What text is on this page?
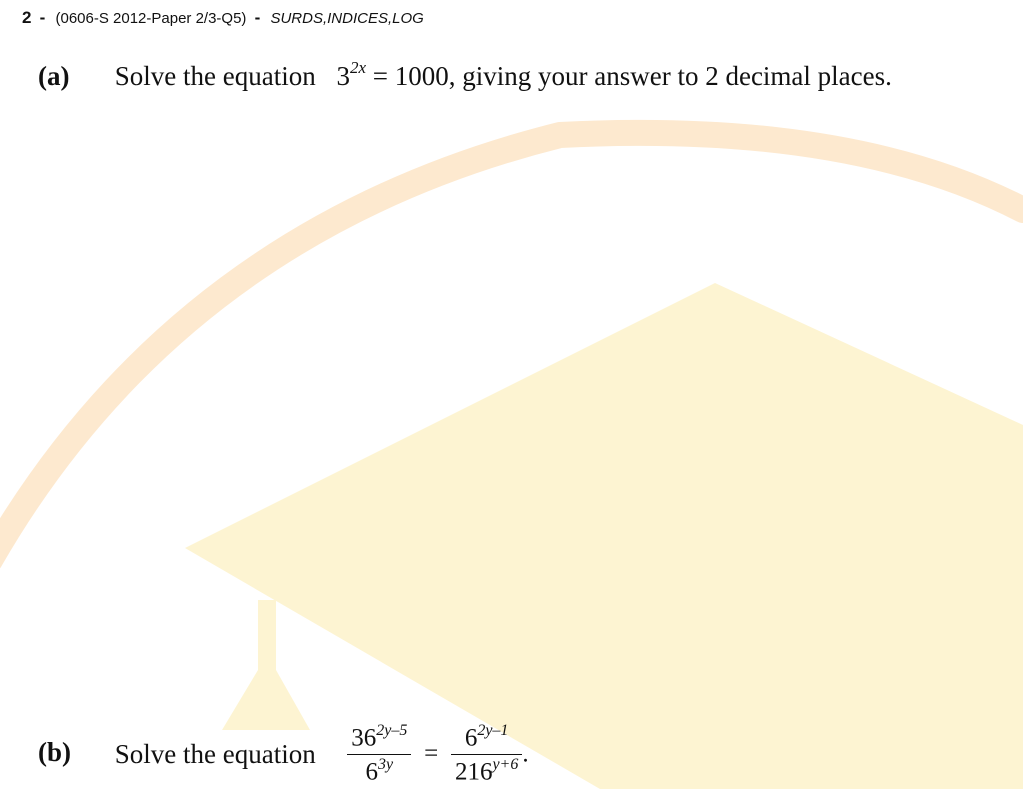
2 - (0606-S 2012-Paper 2/3-Q5) - SURDS,INDICES,LOG
(a) Solve the equation $3^{2x} = 1000$, giving your answer to 2 decimal places.
(b) Solve the equation $\frac{36^{2y-5}}{6^{3y}} = \frac{6^{2y-1}}{216^{y+6}}$ .
